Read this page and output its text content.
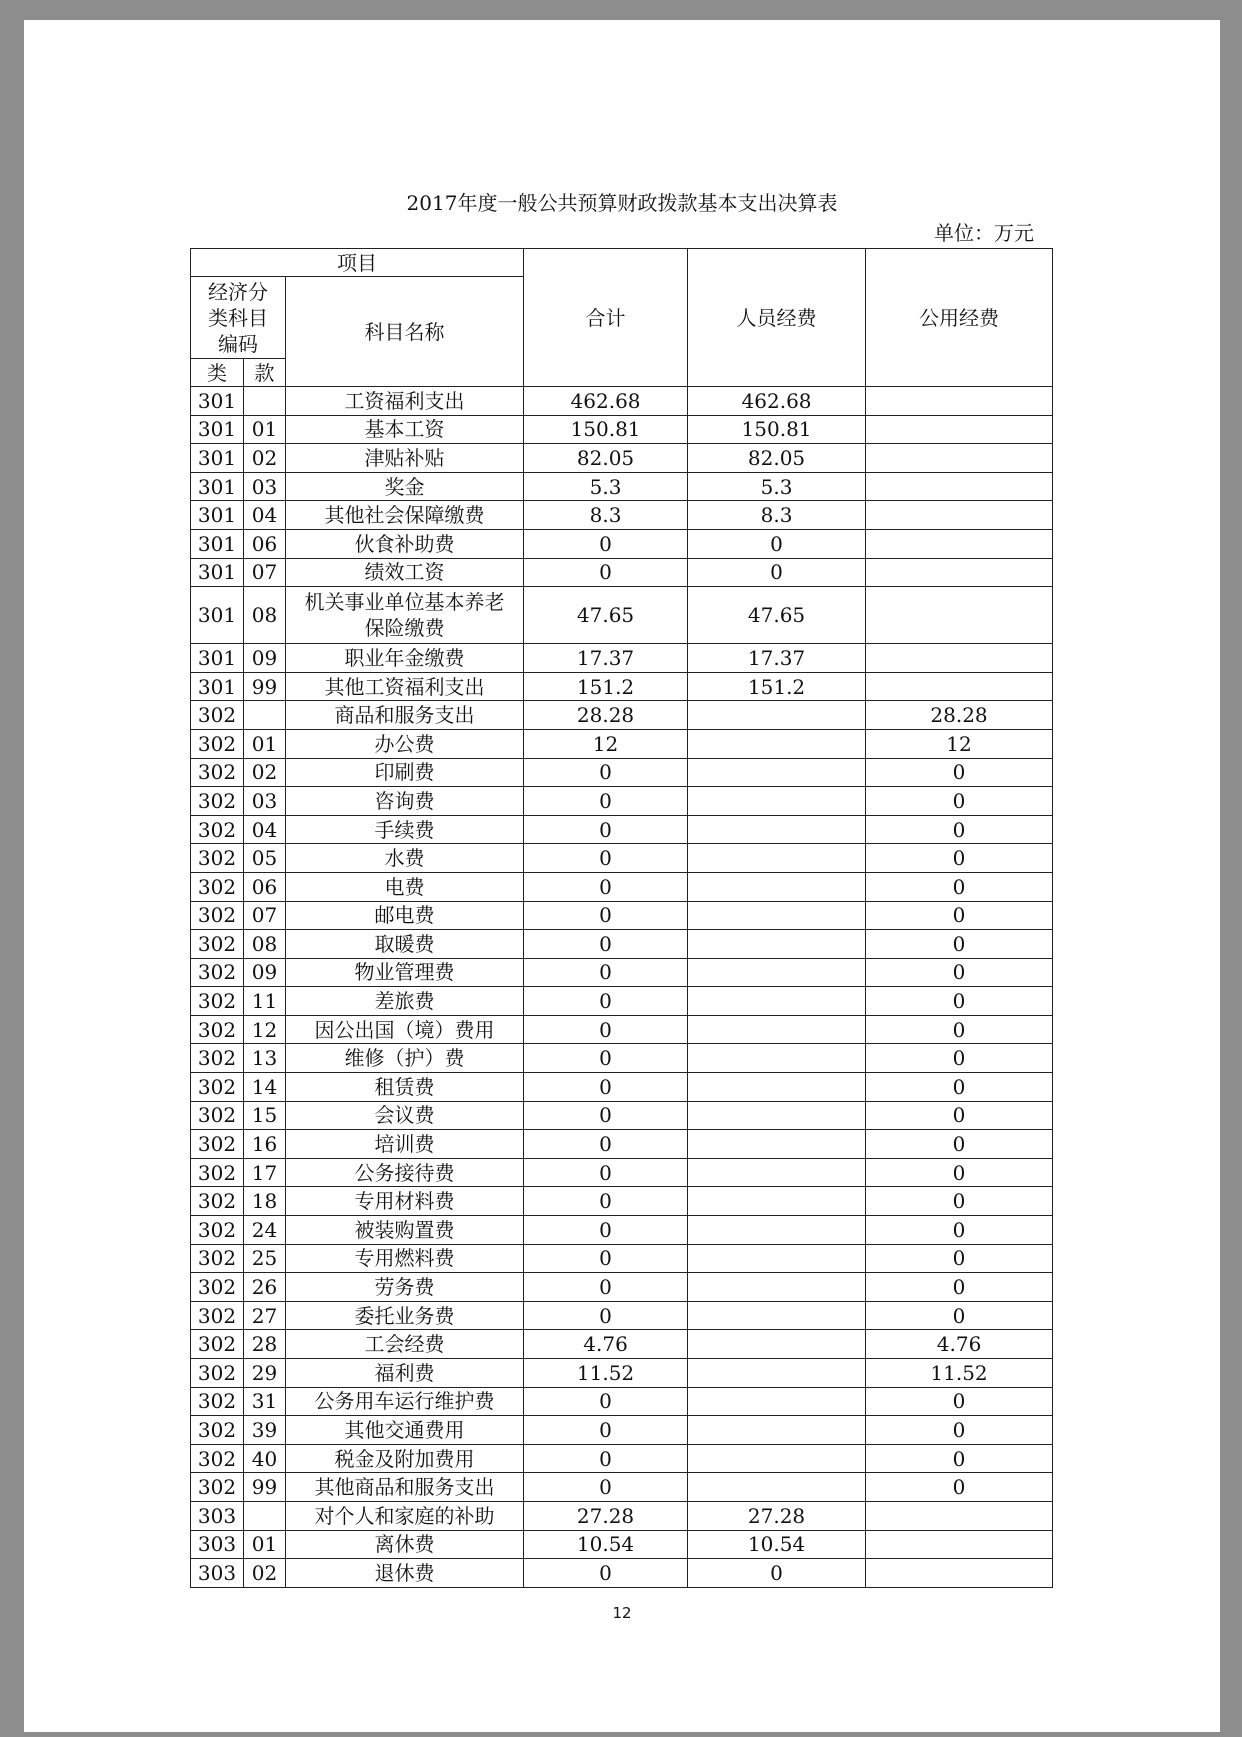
2017年度一般公共预算财政拨款基本支出决算表
单位：万元
项目			合计	人员经费	公用经费
经济分类科目编码		科目名称			
类	款				
301		工资福利支出	462.68	462.68	
301	01	基本工资	150.81	150.81	
301	02	津贴补贴	82.05	82.05	
301	03	奖金	5.3	5.3	
301	04	其他社会保障缴费	8.3	8.3	
301	06	伙食补助费	0	0	
301	07	绩效工资	0	0	
301	08	机关事业单位基本养老保险缴费	47.65	47.65	
301	09	职业年金缴费	17.37	17.37	
301	99	其他工资福利支出	151.2	151.2	
302		商品和服务支出	28.28		28.28
302	01	办公费	12		12
302	02	印刷费	0		0
302	03	咨询费	0		0
302	04	手续费	0		0
302	05	水费	0		0
302	06	电费	0		0
302	07	邮电费	0		0
302	08	取暖费	0		0
302	09	物业管理费	0		0
302	11	差旅费	0		0
302	12	因公出国（境）费用	0		0
302	13	维修（护）费	0		0
302	14	租赁费	0		0
302	15	会议费	0		0
302	16	培训费	0		0
302	17	公务接待费	0		0
302	18	专用材料费	0		0
302	24	被装购置费	0		0
302	25	专用燃料费	0		0
302	26	劳务费	0		0
302	27	委托业务费	0		0
302	28	工会经费	4.76		4.76
302	29	福利费	11.52		11.52
302	31	公务用车运行维护费	0		0
302	39	其他交通费用	0		0
302	40	税金及附加费用	0		0
302	99	其他商品和服务支出	0		0
303		对个人和家庭的补助	27.28	27.28	
303	01	离休费	10.54	10.54	
303	02	退休费	0	0	
12
